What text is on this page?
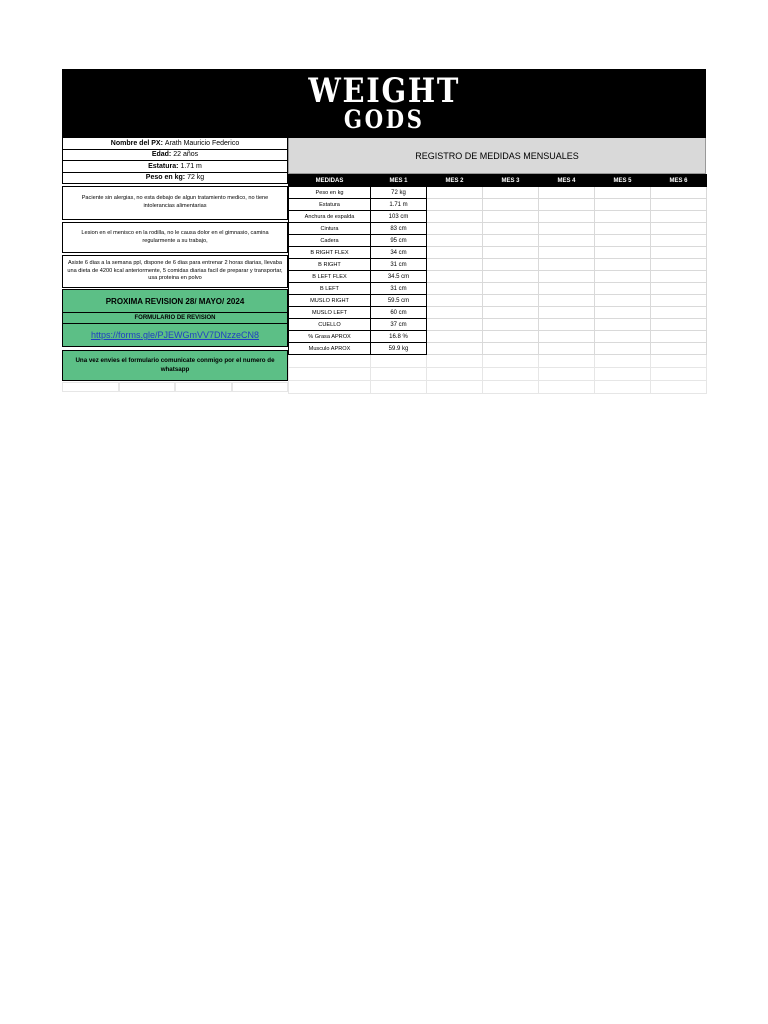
WEIGHT
GODS
Nombre del PX: Arath Mauricio Federico
Edad: 22 años
Estatura: 1.71 m
Peso en kg: 72 kg
Paciente sin alergias, no esta debajo de algun tratamiento medico, no tiene intolerancias alimentarias
Lesion en el menisco en la rodilla, no le causa dolor en el gimnasio, camina regularmente a su trabajo,
Asiste 6 dias a la semana ppl, dispone de 6 dias para entrenar 2 horas diarias, llevaba una dieta de 4200 kcal anteriormente, 5 comidas diarias facil de preparar y transportar, usa proteina en polvo
PROXIMA REVISION 28/ MAYO/ 2024
FORMULARIO DE REVISION
https://forms.gle/PJEWGmVV7DNzzeCN8
Una vez envies el formulario comunicate conmigo por el numero de whatsapp
REGISTRO DE MEDIDAS MENSUALES
MEDIDAS	MES 1	MES 2	MES 3	MES 4	MES 5	MES 6
Peso en kg	72 kg					
Estatura	1.71 m					
Anchura de espalda	103 cm					
Cintura	83 cm					
Cadera	95 cm					
B RIGHT FLEX	34 cm					
B RIGHT	31 cm					
B LEFT FLEX	34.5 cm					
B LEFT	31 cm					
MUSLO RIGHT	59.5 cm					
MUSLO LEFT	60 cm					
CUELLO	37 cm					
% Grasa APROX	16.8 %					
Musculo APROX	59.9 kg					
